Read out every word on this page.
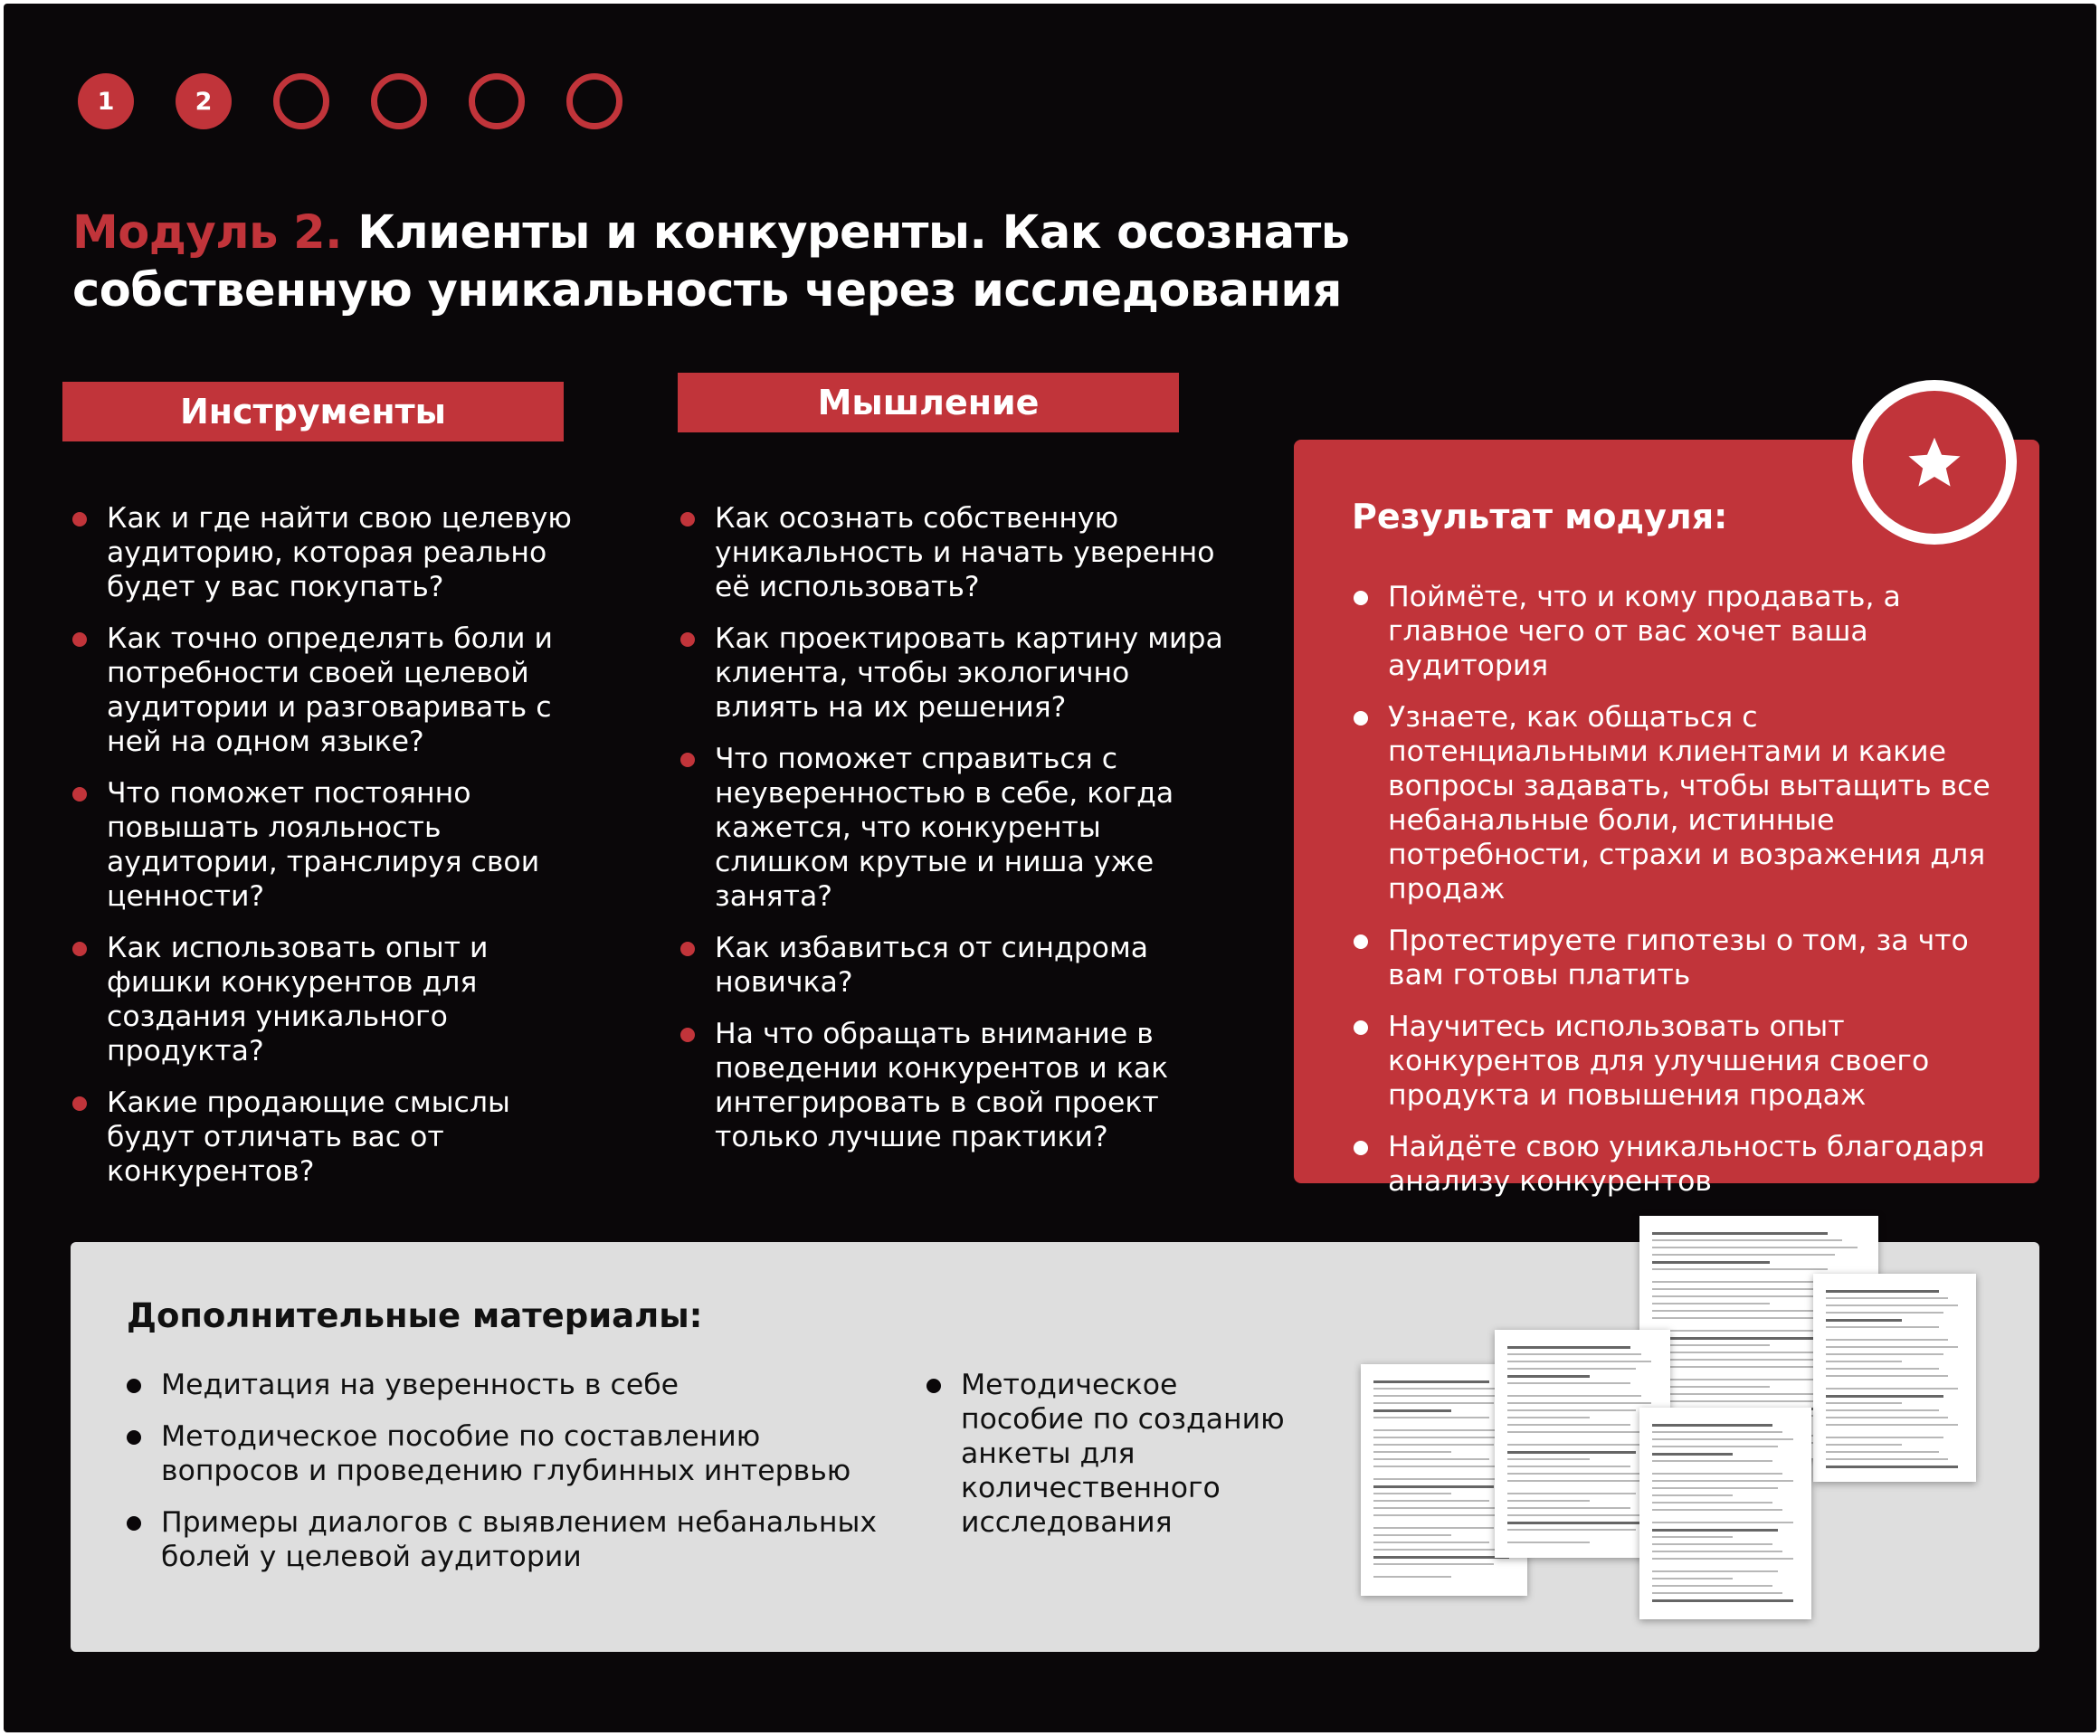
1	2
Модуль 2. Клиенты и конкуренты. Как осознать
собственную уникальность через исследования
Инструменты
Как и где найти свою целевую аудиторию, которая реально будет у вас покупать?
Как точно определять боли и потребности своей целевой аудитории и разговаривать с ней на одном языке?
Что поможет постоянно повышать лояльность аудитории, транслируя свои ценности?
Как использовать опыт и фишки конкурентов для создания уникального продукта?
Какие продающие смыслы будут отличать вас от конкурентов?
Мышление
Как осознать собственную уникальность и начать уверенно её использовать?
Как проектировать картину мира клиента, чтобы экологично влиять на их решения?
Что поможет справиться с неуверенностью в себе, когда кажется, что конкуренты слишком крутые и ниша уже занята?
Как избавиться от синдрома новичка?
На что обращать внимание в поведении конкурентов и как интегрировать в свой проект только лучшие практики?
Результат модуля:
Поймёте, что и кому продавать, а главное чего от вас хочет ваша аудитория
Узнаете, как общаться с потенциальными клиентами и какие вопросы задавать, чтобы вытащить все небанальные боли, истинные потребности, страхи и возражения для продаж
Протестируете гипотезы о том, за что вам готовы платить
Научитесь использовать опыт конкурентов для улучшения своего продукта и повышения продаж
Найдёте свою уникальность благодаря анализу конкурентов
Дополнительные материалы:
Медитация на уверенность в себе
Методическое пособие по составлению вопросов и проведению глубинных интервью
Примеры диалогов с выявлением небанальных болей у целевой аудитории
Методическое пособие по созданию анкеты для количественного исследования
